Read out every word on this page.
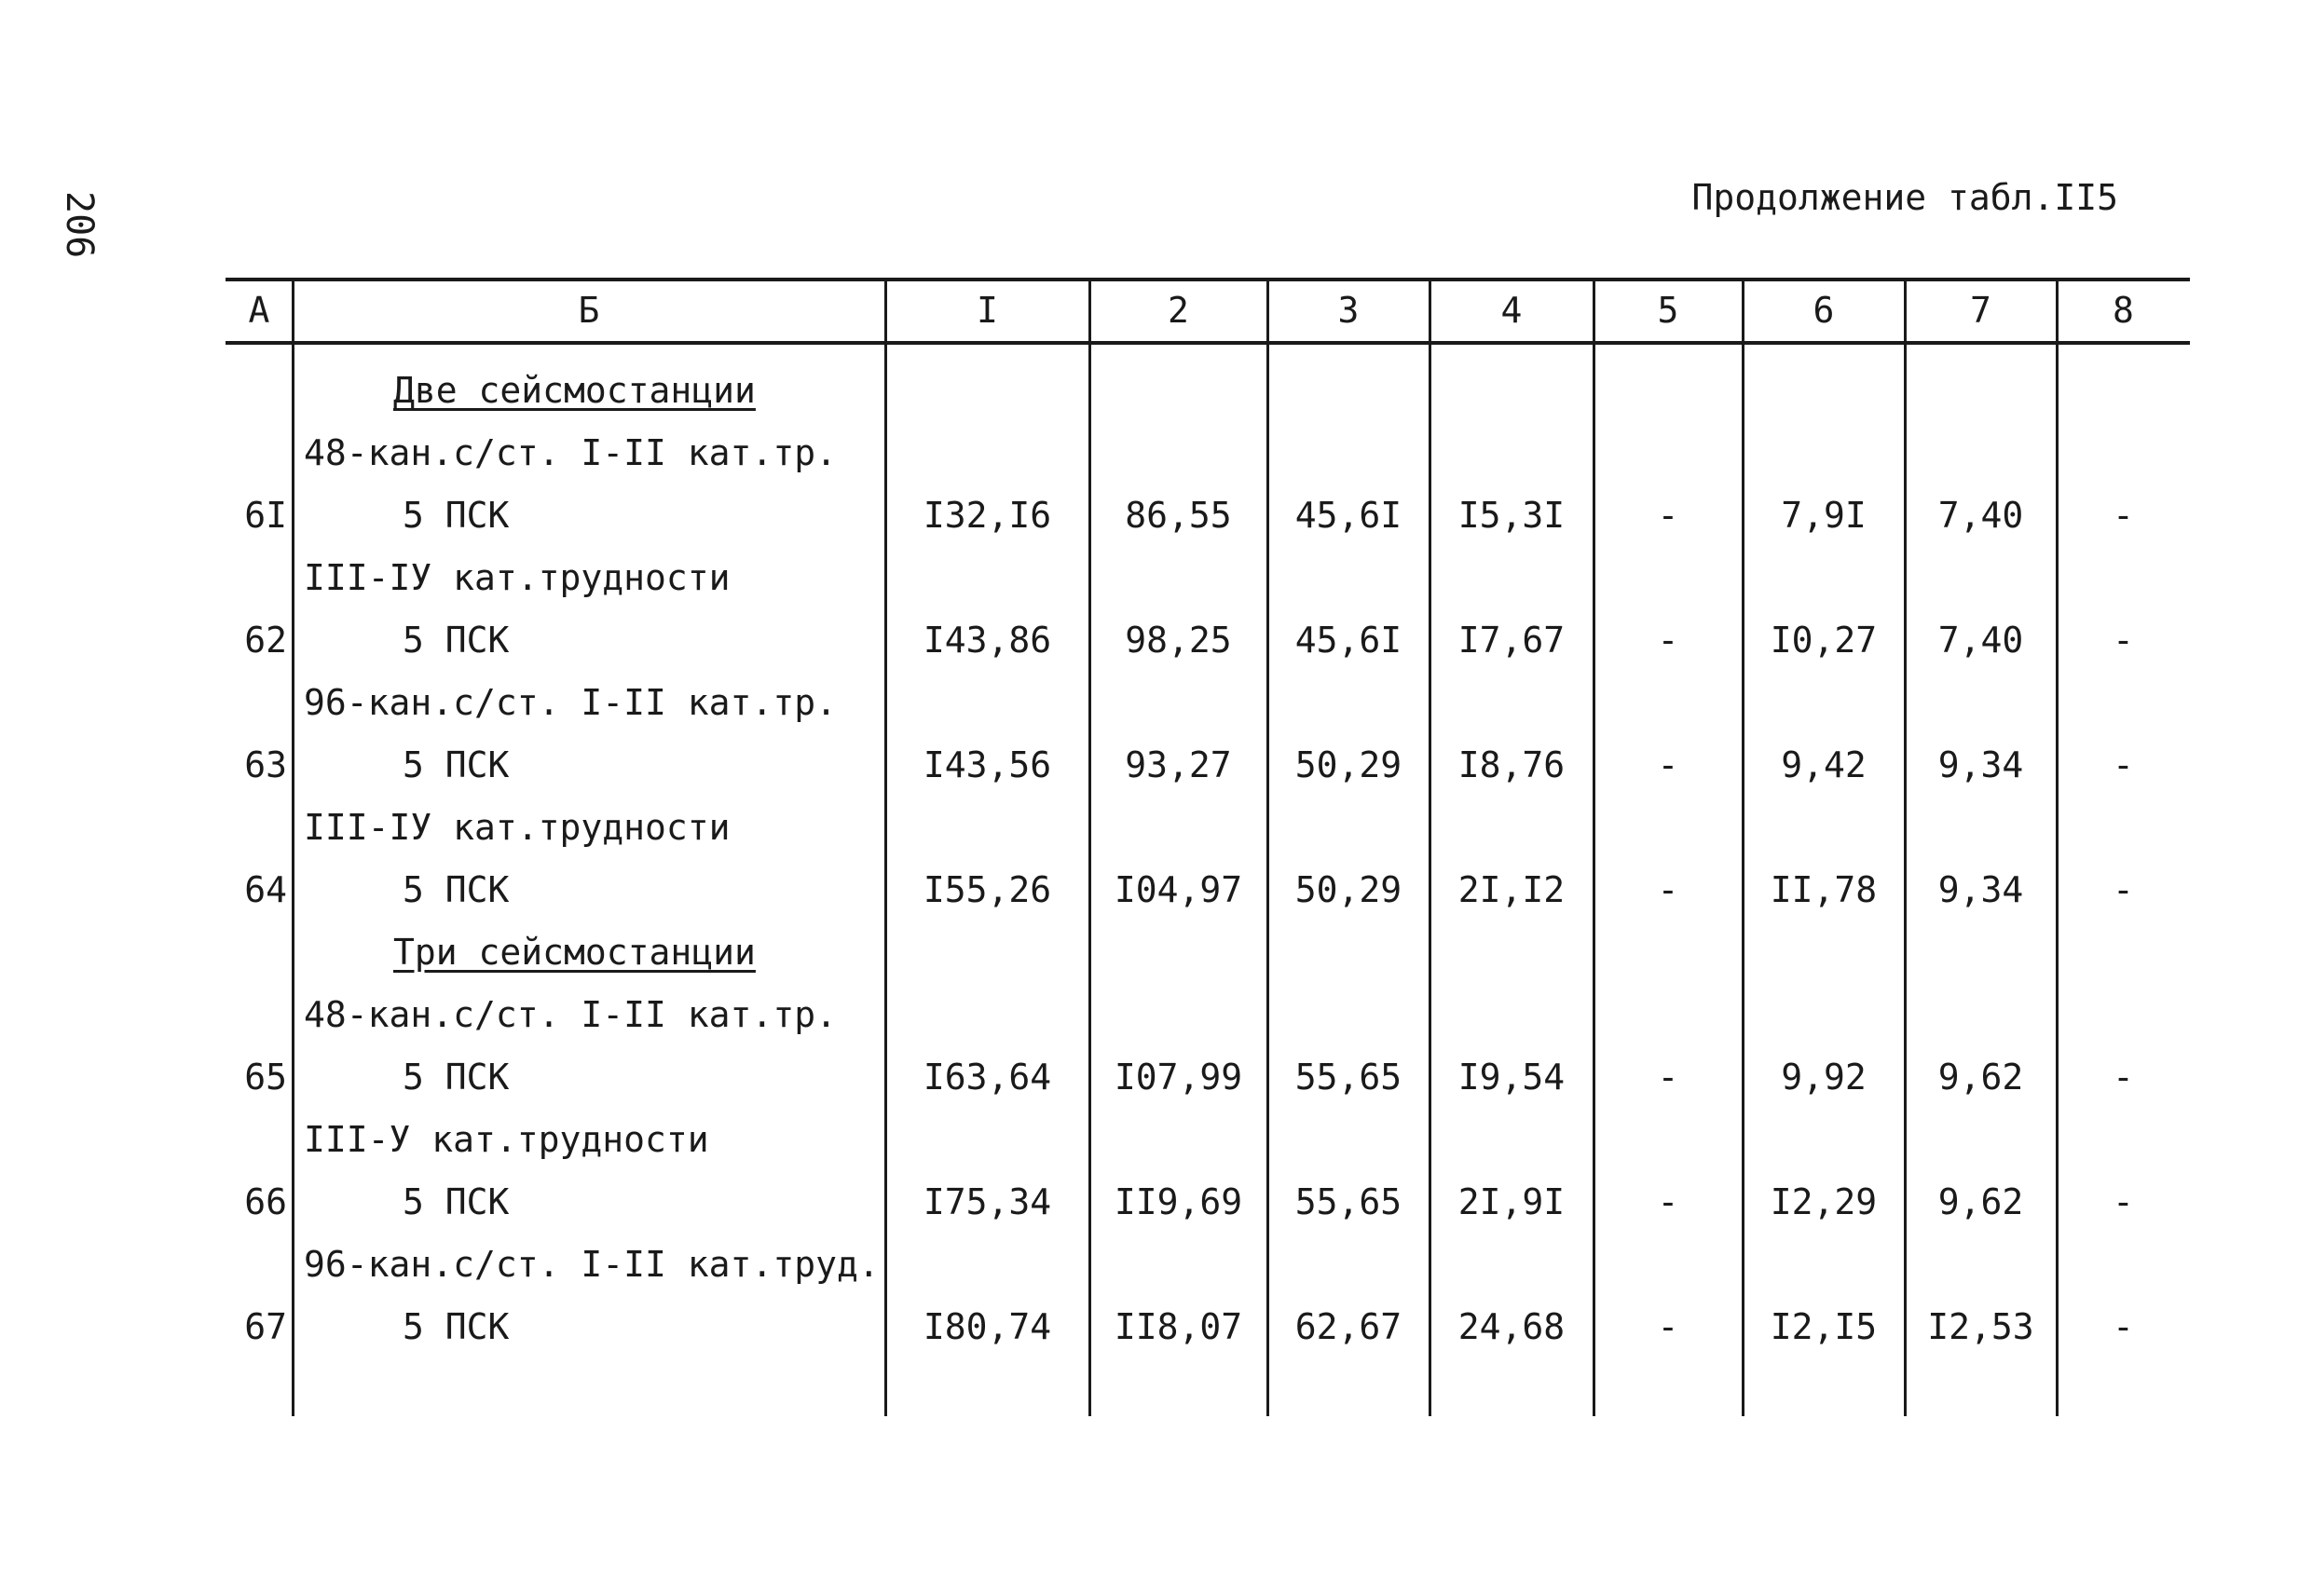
206	Продолжение табл.II5
А	Б	I	2	3	4	5	6	7	8
Две сейсмостанции
48-кан.с/ст. I-II кат.тр.
6I	5 ПСК	I32,I6	86,55	45,6I	I5,3I	-	7,9I	7,40	-
III-IУ кат.трудности
62	5 ПСК	I43,86	98,25	45,6I	I7,67	-	I0,27	7,40	-
96-кан.с/ст. I-II кат.тр.
63	5 ПСК	I43,56	93,27	50,29	I8,76	-	9,42	9,34	-
III-IУ кат.трудности
64	5 ПСК	I55,26	I04,97	50,29	2I,I2	-	II,78	9,34	-
Три сейсмостанции
48-кан.с/ст. I-II кат.тр.
65	5 ПСК	I63,64	I07,99	55,65	I9,54	-	9,92	9,62	-
III-У кат.трудности
66	5 ПСК	I75,34	II9,69	55,65	2I,9I	-	I2,29	9,62	-
96-кан.с/ст. I-II кат.труд.
67	5 ПСК	I80,74	II8,07	62,67	24,68	-	I2,I5	I2,53	-
